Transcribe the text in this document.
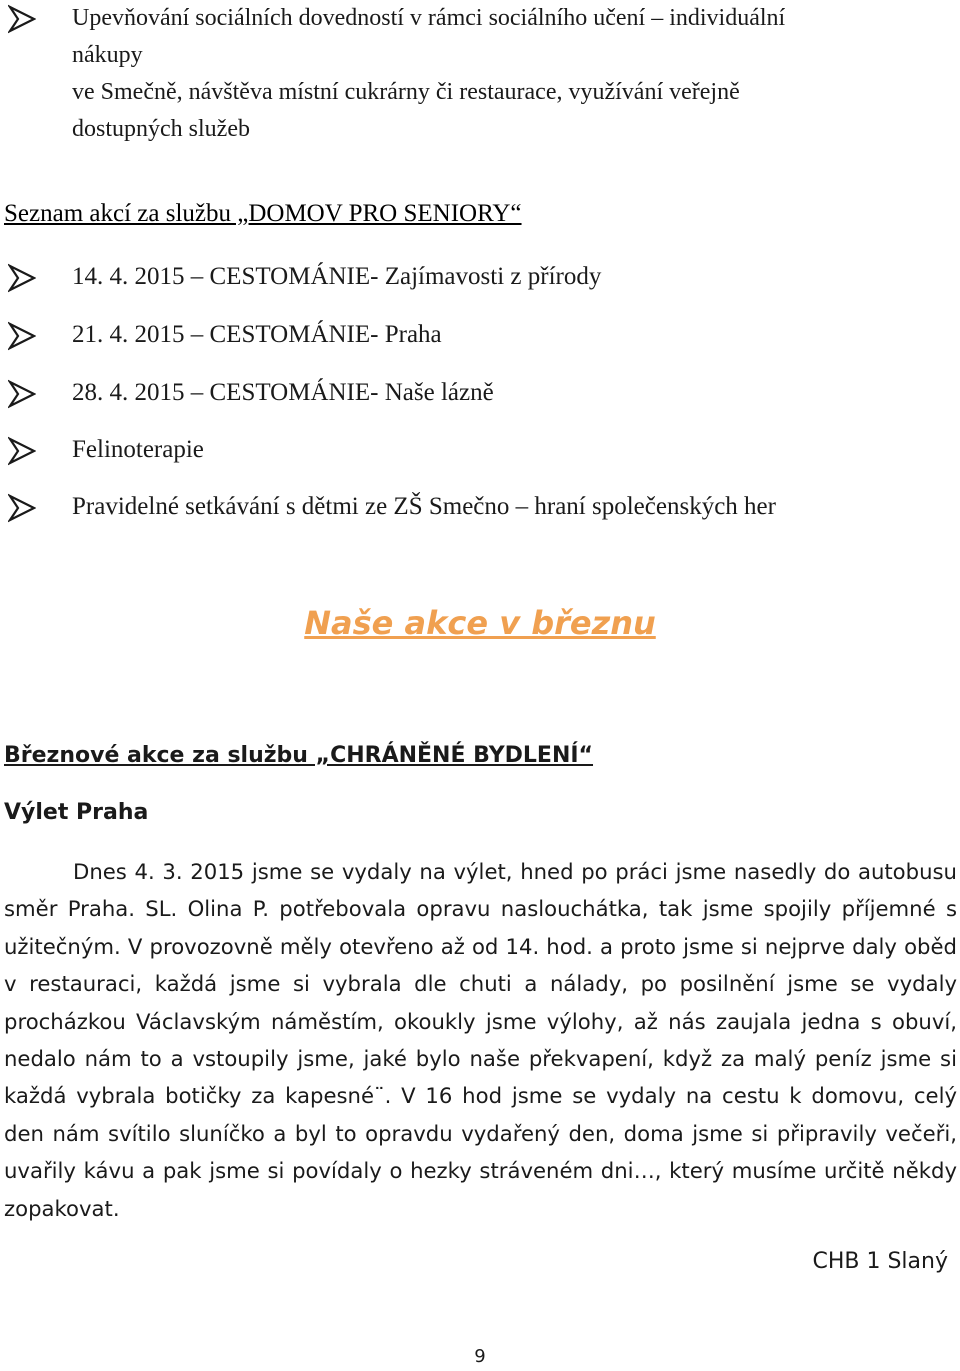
Upevňování sociálních dovedností v rámci sociálního učení – individuální
nákupy
ve Smečně, návštěva místní cukrárny či restaurace, využívání veřejně
dostupných služeb
Seznam akcí za službu „DOMOV PRO SENIORY“
14. 4. 2015 – CESTOMÁNIE- Zajímavosti z přírody
21. 4. 2015 – CESTOMÁNIE- Praha
28. 4. 2015 – CESTOMÁNIE- Naše lázně
Felinoterapie
Pravidelné setkávání s dětmi ze ZŠ Smečno – hraní společenských her
Naše akce v březnu
Březnové akce za službu „CHRÁNĚNÉ BYDLENÍ“
Výlet Praha
Dnes 4. 3. 2015 jsme se vydaly na výlet, hned po práci jsme nasedly do autobusu směr Praha. SL. Olina P. potřebovala opravu naslouchátka, tak jsme spojily příjemné s užitečným. V provozovně měly otevřeno až od 14. hod. a proto jsme si nejprve daly oběd v restauraci, každá jsme si vybrala dle chuti a nálady, po posilnění jsme se vydaly procházkou Václavským náměstím, okoukly jsme výlohy, až nás zaujala jedna s obuví, nedalo nám to a vstoupily jsme, jaké bylo naše překvapení, když za malý peníz jsme si každá vybrala botičky za kapesné¨. V 16 hod jsme se vydaly na cestu k domovu, celý den nám svítilo sluníčko a byl to opravdu vydařený den, doma jsme si připravily večeři, uvařily kávu a pak jsme si povídaly o hezky stráveném dni…, který musíme určitě někdy zopakovat.
CHB 1 Slaný
9
